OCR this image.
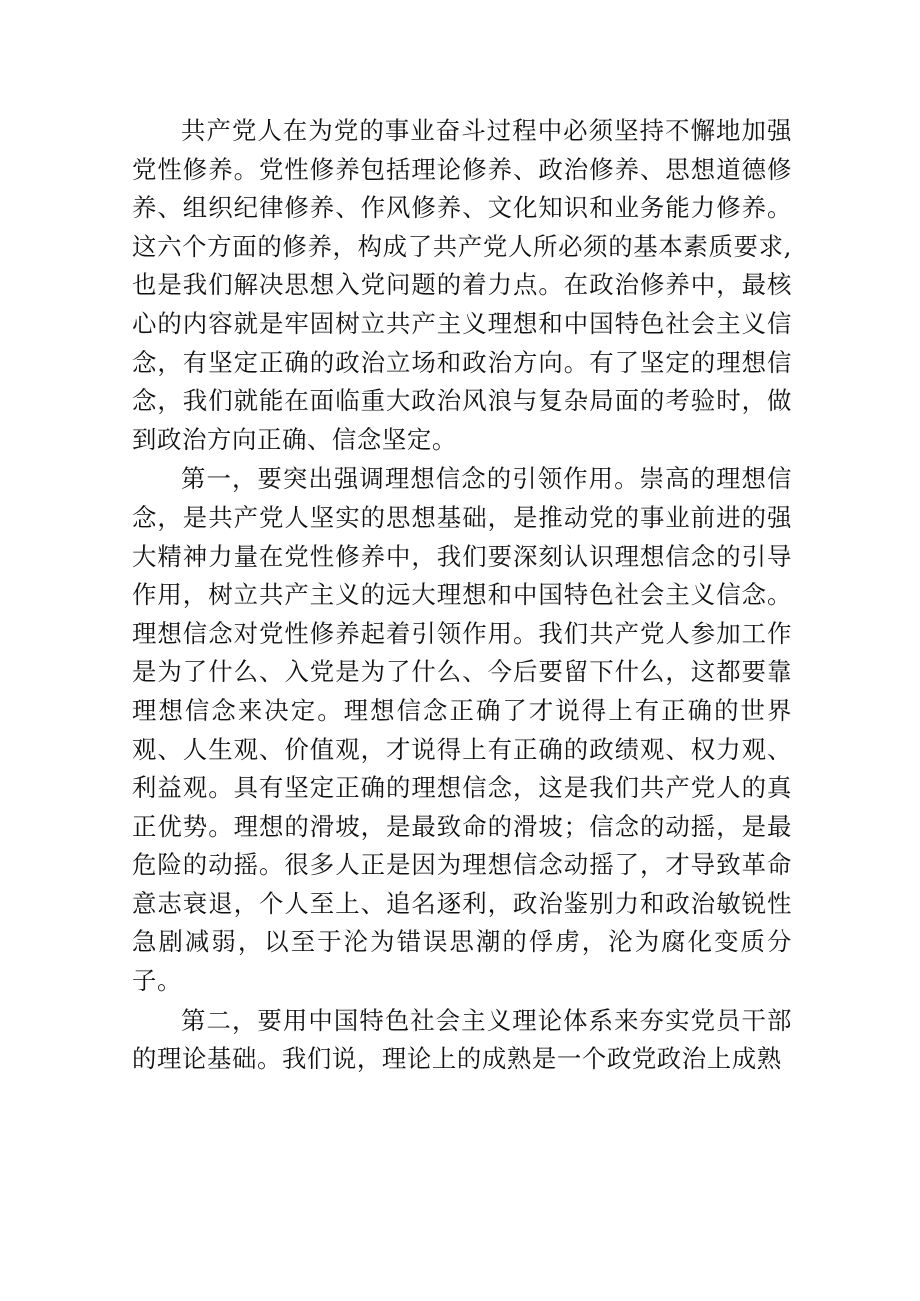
共产党人在为党的事业奋斗过程中必须坚持不懈地加强党性修养。党性修养包括理论修养、政治修养、思想道德修养、组织纪律修养、作风修养、文化知识和业务能力修养。这六个方面的修养，构成了共产党人所必须的基本素质要求,也是我们解决思想入党问题的着力点。在政治修养中，最核心的内容就是牢固树立共产主义理想和中国特色社会主义信念，有坚定正确的政治立场和政治方向。有了坚定的理想信念，我们就能在面临重大政治风浪与复杂局面的考验时，做到政治方向正确、信念坚定。

第一，要突出强调理想信念的引领作用。崇高的理想信念，是共产党人坚实的思想基础，是推动党的事业前进的强大精神力量在党性修养中，我们要深刻认识理想信念的引导作用，树立共产主义的远大理想和中国特色社会主义信念。理想信念对党性修养起着引领作用。我们共产党人参加工作是为了什么、入党是为了什么、今后要留下什么，这都要靠理想信念来决定。理想信念正确了才说得上有正确的世界观、人生观、价值观，才说得上有正确的政绩观、权力观、利益观。具有坚定正确的理想信念，这是我们共产党人的真正优势。理想的滑坡，是最致命的滑坡；信念的动摇，是最危险的动摇。很多人正是因为理想信念动摇了，才导致革命意志衰退，个人至上、追名逐利，政治鉴别力和政治敏锐性急剧减弱，以至于沦为错误思潮的俘虏，沦为腐化变质分子。

第二，要用中国特色社会主义理论体系来夯实党员干部的理论基础。我们说，理论上的成熟是一个政党政治上成熟
